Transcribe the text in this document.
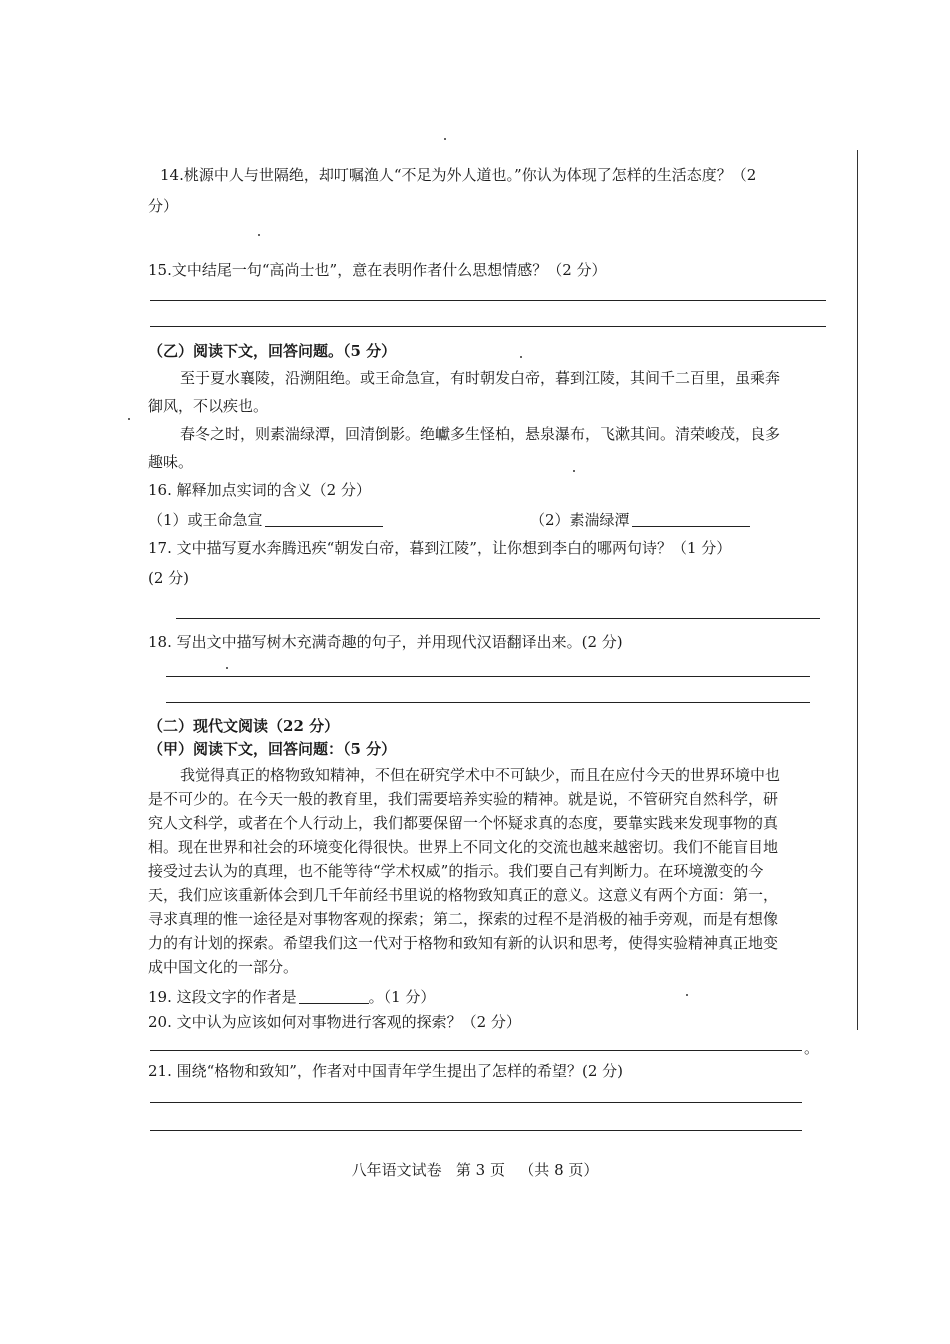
14.桃源中人与世隔绝，却叮嘱渔人“不足为外人道也。”你认为体现了怎样的生活态度？（2
分）
15.文中结尾一句“高尚士也”，意在表明作者什么思想情感？（2 分）
（乙）阅读下文，回答问题。（5 分）
至于夏水襄陵，沿溯阻绝。或王命急宣，有时朝发白帝，暮到江陵，其间千二百里，虽乘奔
御风，不以疾也。
春冬之时，则素湍绿潭，回清倒影。绝巘多生怪柏，悬泉瀑布，飞漱其间。清荣峻茂，良多
趣味。
16. 解释加点实词的含义（2 分）
（1）或王命急宣	（2）素湍绿潭
17. 文中描写夏水奔腾迅疾“朝发白帝，暮到江陵”，让你想到李白的哪两句诗？（1 分）
(2 分)
18. 写出文中描写树木充满奇趣的句子，并用现代汉语翻译出来。(2 分)
（二）现代文阅读（22 分）
（甲）阅读下文，回答问题：（5 分）
我觉得真正的格物致知精神，不但在研究学术中不可缺少，而且在应付今天的世界环境中也
是不可少的。在今天一般的教育里，我们需要培养实验的精神。就是说，不管研究自然科学，研
究人文科学，或者在个人行动上，我们都要保留一个怀疑求真的态度，要靠实践来发现事物的真
相。现在世界和社会的环境变化得很快。世界上不同文化的交流也越来越密切。我们不能盲目地
接受过去认为的真理，也不能等待“学术权威”的指示。我们要自己有判断力。在环境激变的今
天，我们应该重新体会到几千年前经书里说的格物致知真正的意义。这意义有两个方面：第一，
寻求真理的惟一途径是对事物客观的探索；第二，探索的过程不是消极的袖手旁观，而是有想像
力的有计划的探索。希望我们这一代对于格物和致知有新的认识和思考，使得实验精神真正地变
成中国文化的一部分。
19. 这段文字的作者是	。（1 分）
20. 文中认为应该如何对事物进行客观的探索？（2 分）
。
21. 围绕“格物和致知”，作者对中国青年学生提出了怎样的希望？(2 分)
八年语文试卷   第 3 页   （共 8 页）
